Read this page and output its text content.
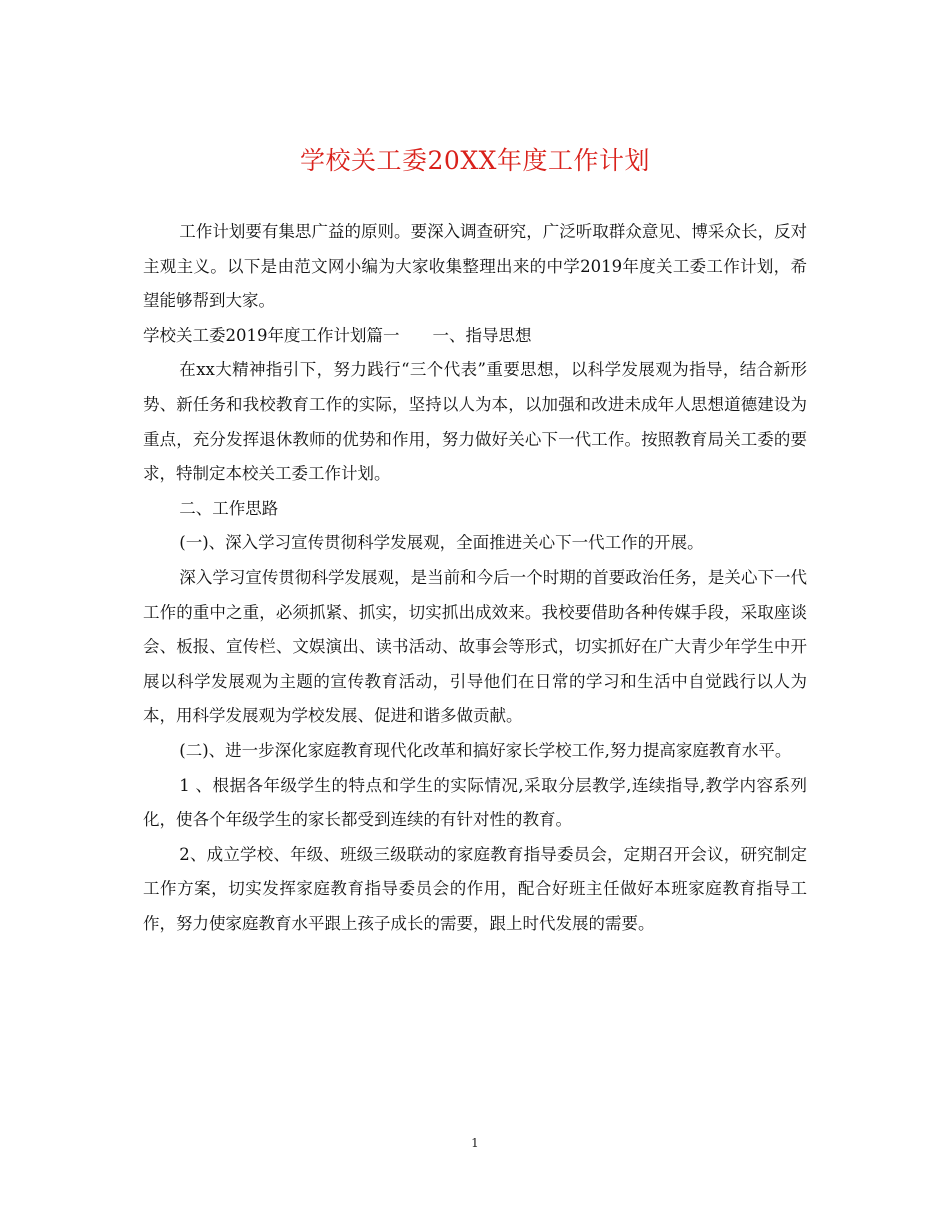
学校关工委20XX年度工作计划

工作计划要有集思广益的原则。要深入调查研究，广泛听取群众意见、博采众长，反对主观主义。以下是由范文网小编为大家收集整理出来的中学2019年度关工委工作计划，希望能够帮到大家。

学校关工委2019年度工作计划篇一　　一、指导思想

在xx大精神指引下，努力践行“三个代表”重要思想，以科学发展观为指导，结合新形势、新任务和我校教育工作的实际，坚持以人为本，以加强和改进未成年人思想道德建设为重点，充分发挥退休教师的优势和作用，努力做好关心下一代工作。按照教育局关工委的要求，特制定本校关工委工作计划。

二、工作思路

(一)、深入学习宣传贯彻科学发展观，全面推进关心下一代工作的开展。

深入学习宣传贯彻科学发展观，是当前和今后一个时期的首要政治任务，是关心下一代工作的重中之重，必须抓紧、抓实，切实抓出成效来。我校要借助各种传媒手段，采取座谈会、板报、宣传栏、文娱演出、读书活动、故事会等形式，切实抓好在广大青少年学生中开展以科学发展观为主题的宣传教育活动，引导他们在日常的学习和生活中自觉践行以人为本，用科学发展观为学校发展、促进和谐多做贡献。

(二)、进一步深化家庭教育现代化改革和搞好家长学校工作,努力提高家庭教育水平。

1 、根据各年级学生的特点和学生的实际情况,采取分层教学,连续指导,教学内容系列化，使各个年级学生的家长都受到连续的有针对性的教育。

2、成立学校、年级、班级三级联动的家庭教育指导委员会，定期召开会议，研究制定工作方案，切实发挥家庭教育指导委员会的作用，配合好班主任做好本班家庭教育指导工作，努力使家庭教育水平跟上孩子成长的需要，跟上时代发展的需要。

1
